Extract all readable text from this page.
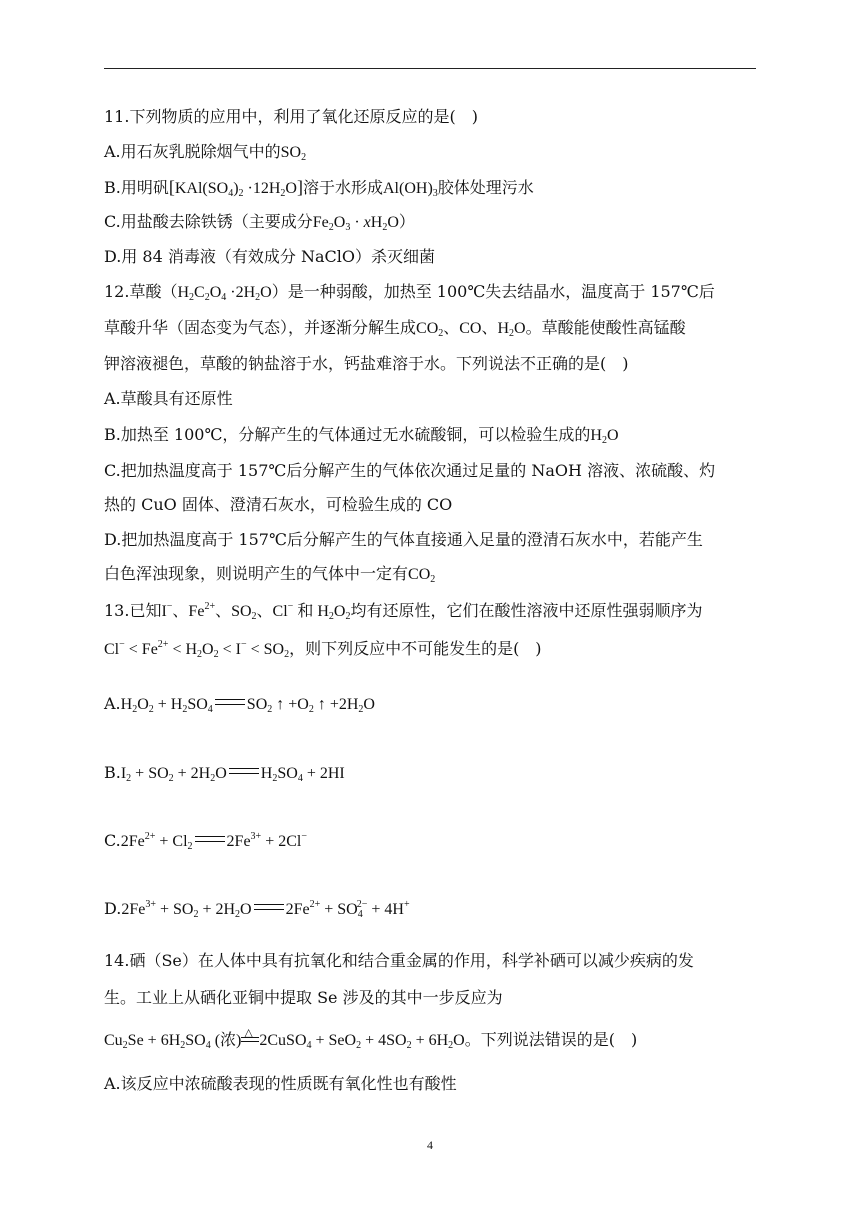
11.下列物质的应用中，利用了氧化还原反应的是(　)
A.用石灰乳脱除烟气中的$SO_2$
B.用明矾$[KAl(SO_4)_2 \cdot 12H_2O]$溶于水形成$Al(OH)_3$胶体处理污水
C.用盐酸去除铁锈（主要成分$Fe_2O_3 \cdot xH_2O$）
D.用 84 消毒液（有效成分 NaClO）杀灭细菌
12.草酸$(H_2C_2O_4 \cdot 2H_2O)$是一种弱酸，加热至 100℃失去结晶水，温度高于 157℃后
草酸升华（固态变为气态），并逐渐分解生成$CO_2$、CO、$H_2O$。草酸能使酸性高锰酸
钾溶液褪色，草酸的钠盐溶于水，钙盐难溶于水。下列说法不正确的是(　)
A.草酸具有还原性
B.加热至 100℃，分解产生的气体通过无水硫酸铜，可以检验生成的$H_2O$
C.把加热温度高于 157℃后分解产生的气体依次通过足量的 NaOH 溶液、浓硫酸、灼
热的 CuO 固体、澄清石灰水，可检验生成的 CO
D.把加热温度高于 157℃后分解产生的气体直接通入足量的澄清石灰水中，若能产生
白色浑浊现象，则说明产生的气体中一定有$CO_2$
13.已知I−、$Fe^{2+}$、$SO_2$、Cl− 和 $H_2O_2$均有还原性，它们在酸性溶液中还原性强弱顺序为
$Cl^- < Fe^{2+} < H_2O_2 < I^- < SO_2$，则下列反应中不可能发生的是(　)
$A.H_2O_2 + H_2SO_4$ $SO_2$ ↑ $+O_2$ ↑ $+2H_2O$
$B.I_2 + SO_2 + 2H_2O$ $H_2SO_4 + 2HI$
$C.2Fe^{2+} + Cl_2$ $2Fe^{3+} + 2Cl^-$
$D.2Fe^{3+} + SO_2 + 2H_2O$ $2Fe^{2+} + SO_4^{2-} + 4H^+$
14.硒（Se）在人体中具有抗氧化和结合重金属的作用，科学补硒可以减少疾病的发
生。工业上从硒化亚铜中提取 Se 涉及的其中一步反应为
$Cu_2Se + 6H_2SO_4$ (浓)△ 2CuSO$_4$ + $SeO_2 + 4SO_2 + 6H_2O$。下列说法错误的是(　)
A.该反应中浓硫酸表现的性质既有氧化性也有酸性
4
